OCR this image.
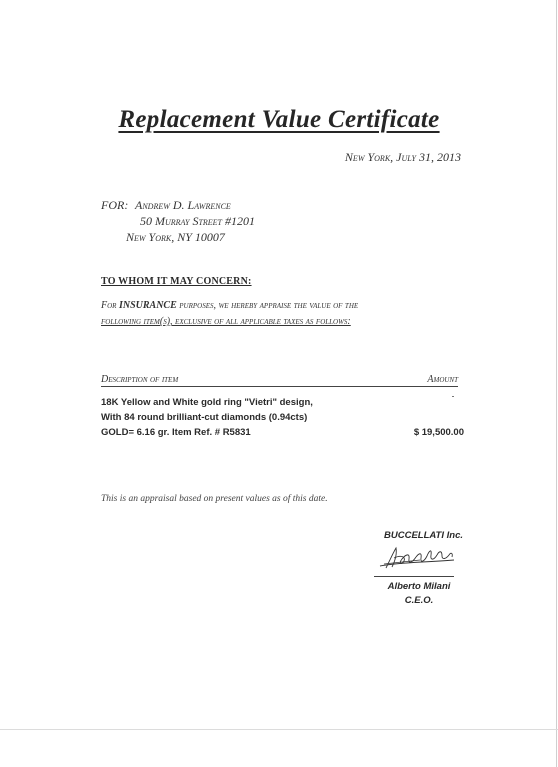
Replacement Value Certificate
New York, July 31, 2013
FOR: Andrew D. Lawrence
50 Murray Street #1201
New York, NY 10007
TO WHOM IT MAY CONCERN:
For INSURANCE purposes, we hereby appraise the value of the
following item(s), exclusive of all applicable taxes as follows:
Description of item	Amount
18K Yellow and White gold ring "Vietri" design,
With 84 round brilliant-cut diamonds (0.94cts)
GOLD= 6.16 gr. Item Ref. # R5831	$ 19,500.00
This is an appraisal based on present values as of this date.
BUCCELLATI Inc.
Alberto Milani
C.E.O.
